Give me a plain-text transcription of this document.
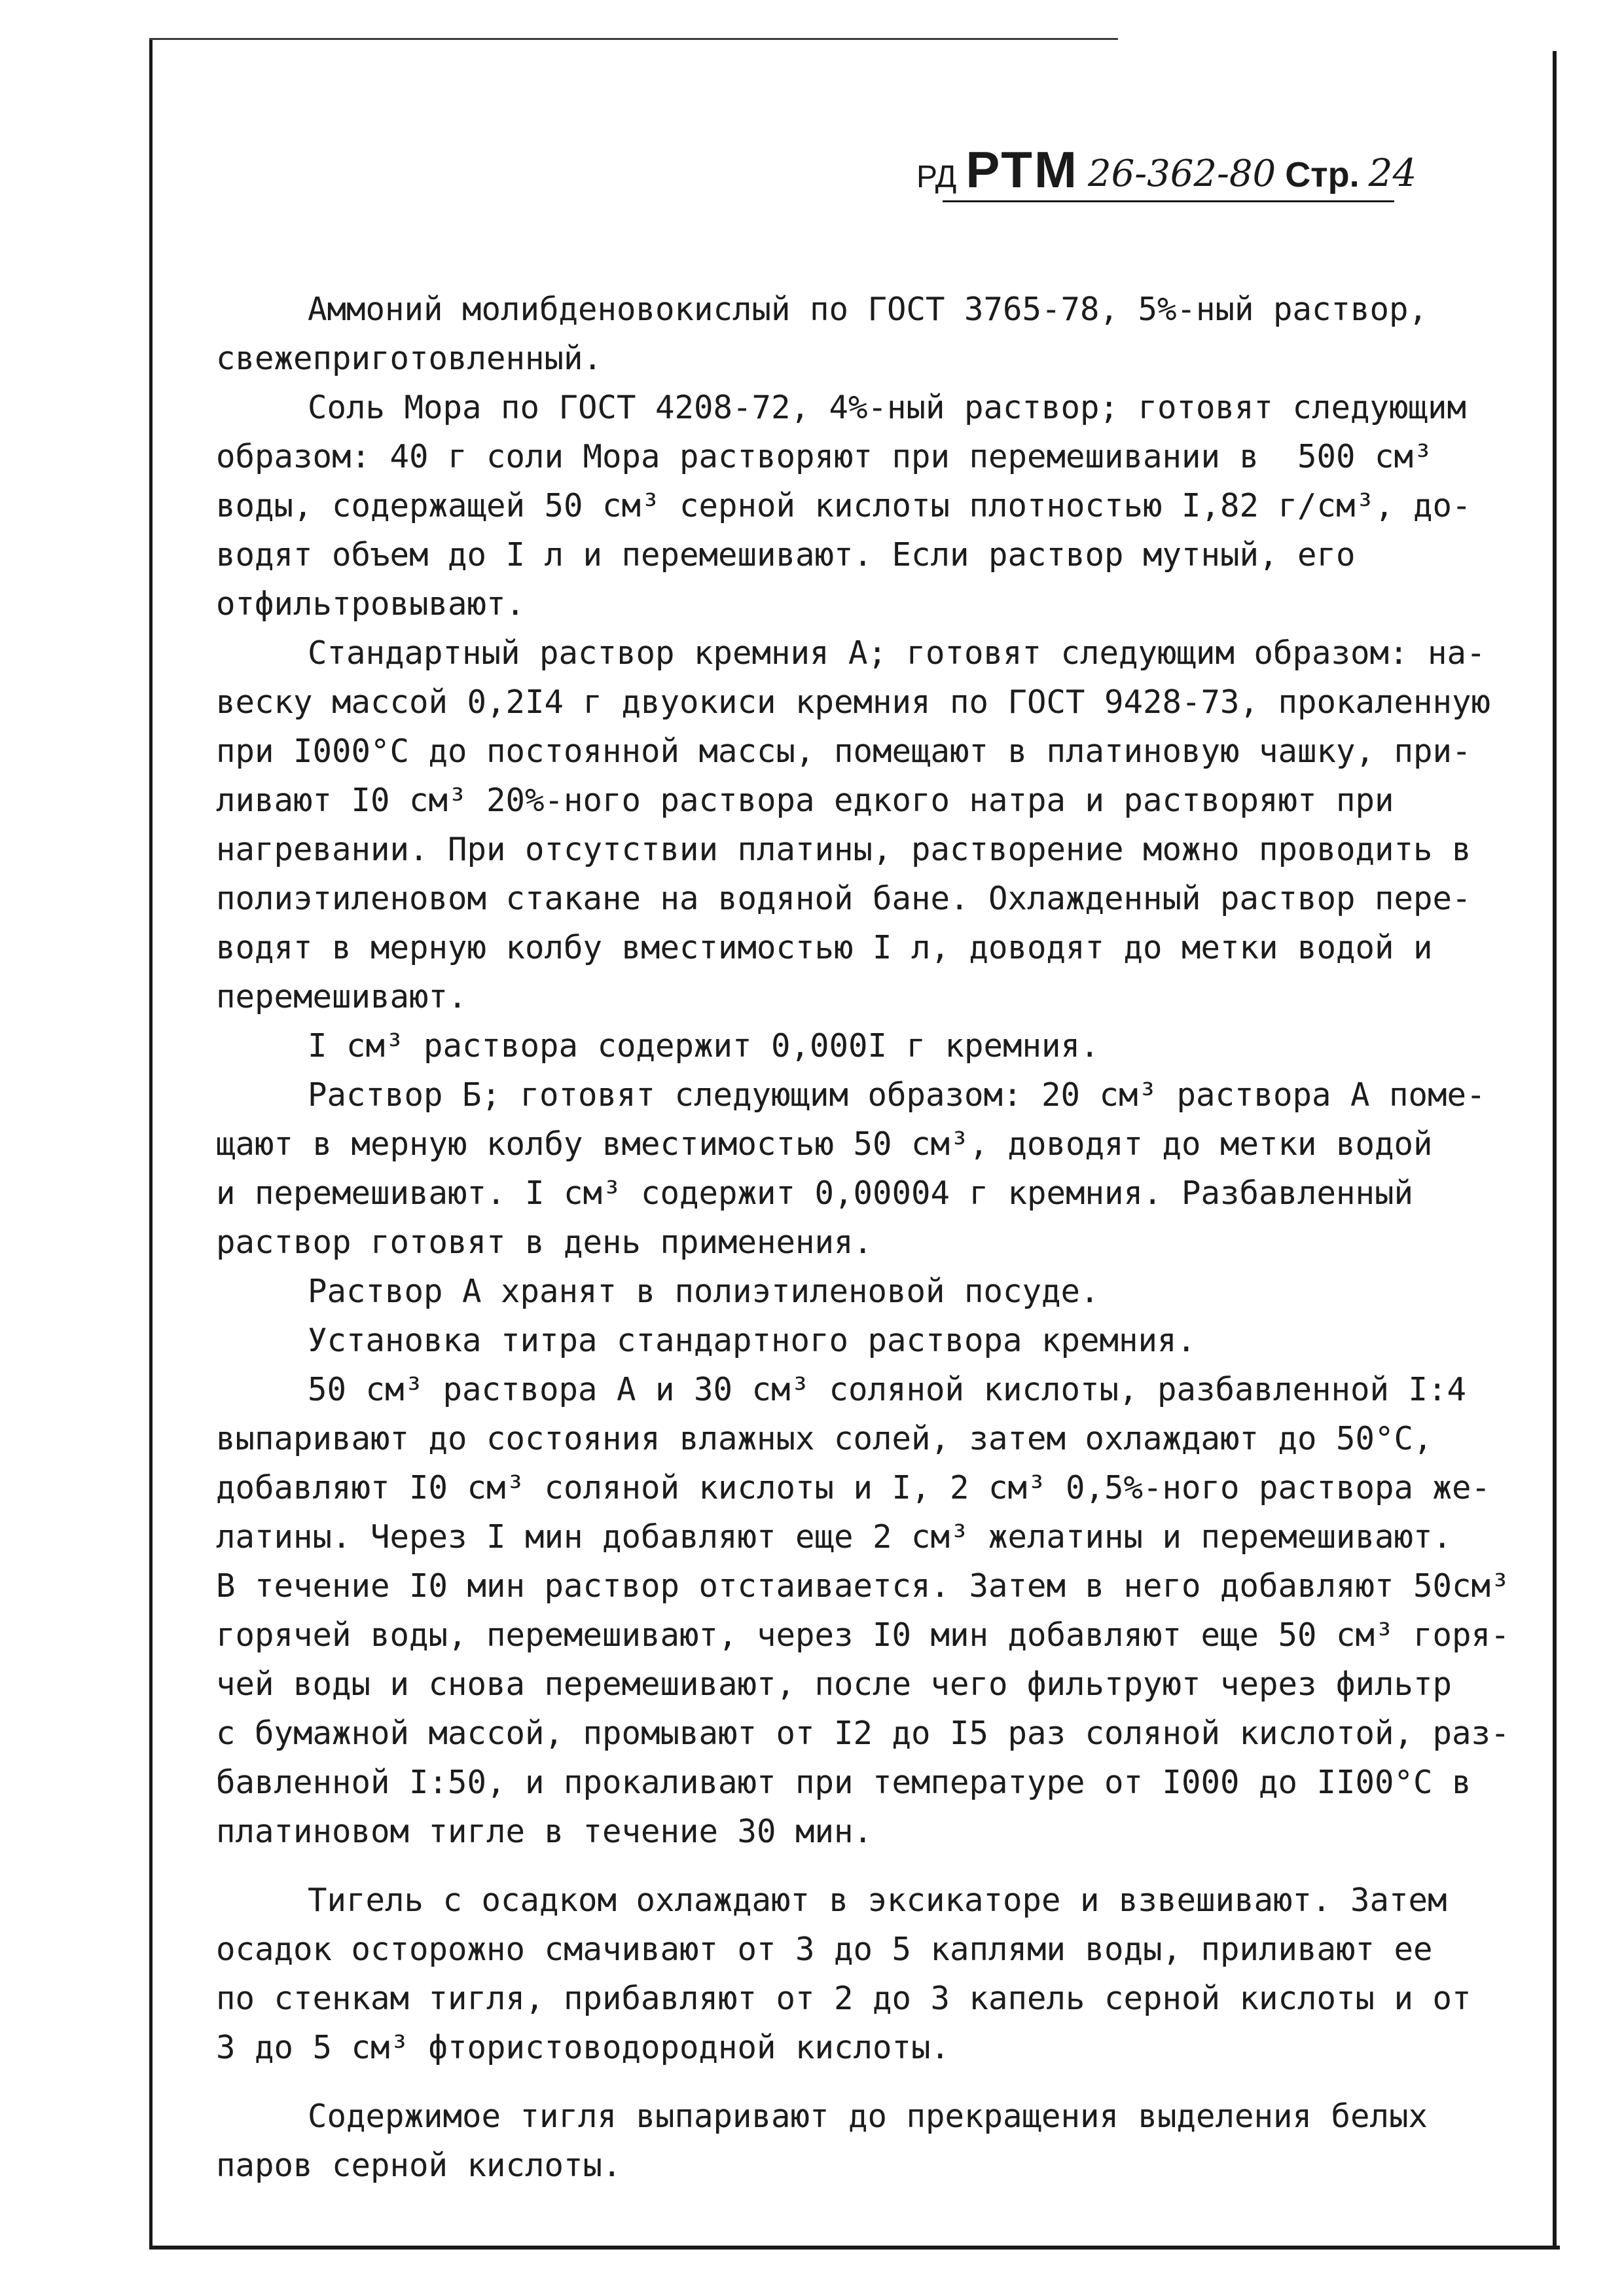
РД РТМ 26-362-80 Стр. 24
Аммоний молибденовокислый по ГОСТ 3765-78, 5%-ный раствор,
свежеприготовленный.
Соль Мора по ГОСТ 4208-72, 4%-ный раствор; готовят следующим
образом: 40 г соли Мора растворяют при перемешивании в  500 см³
воды, содержащей 50 см³ серной кислоты плотностью I,82 г/см³, до-
водят объем до I л и перемешивают. Если раствор мутный, его
отфильтровывают.
Стандартный раствор кремния А; готовят следующим образом: на-
веску массой 0,2I4 г двуокиси кремния по ГОСТ 9428-73, прокаленную
при I000°С до постоянной массы, помещают в платиновую чашку, при-
ливают I0 см³ 20%-ного раствора едкого натра и растворяют при
нагревании. При отсутствии платины, растворение можно проводить в
полиэтиленовом стакане на водяной бане. Охлажденный раствор пере-
водят в мерную колбу вместимостью I л, доводят до метки водой и
перемешивают.
I см³ раствора содержит 0,000I г кремния.
Раствор Б; готовят следующим образом: 20 см³ раствора А поме-
щают в мерную колбу вместимостью 50 см³, доводят до метки водой
и перемешивают. I см³ содержит 0,00004 г кремния. Разбавленный
раствор готовят в день применения.
Раствор А хранят в полиэтиленовой посуде.
Установка титра стандартного раствора кремния.
50 см³ раствора А и 30 см³ соляной кислоты, разбавленной I:4
выпаривают до состояния влажных солей, затем охлаждают до 50°С,
добавляют I0 см³ соляной кислоты и I, 2 см³ 0,5%-ного раствора же-
латины. Через I мин добавляют еще 2 см³ желатины и перемешивают.
В течение I0 мин раствор отстаивается. Затем в него добавляют 50см³
горячей воды, перемешивают, через I0 мин добавляют еще 50 см³ горя-
чей воды и снова перемешивают, после чего фильтруют через фильтр
с бумажной массой, промывают от I2 до I5 раз соляной кислотой, раз-
бавленной I:50, и прокаливают при температуре от I000 до II00°С в
платиновом тигле в течение 30 мин.
Тигель с осадком охлаждают в эксикаторе и взвешивают. Затем
осадок осторожно смачивают от 3 до 5 каплями воды, приливают ее
по стенкам тигля, прибавляют от 2 до 3 капель серной кислоты и от
3 до 5 см³ фтористоводородной кислоты.
Содержимое тигля выпаривают до прекращения выделения белых
паров серной кислоты.
